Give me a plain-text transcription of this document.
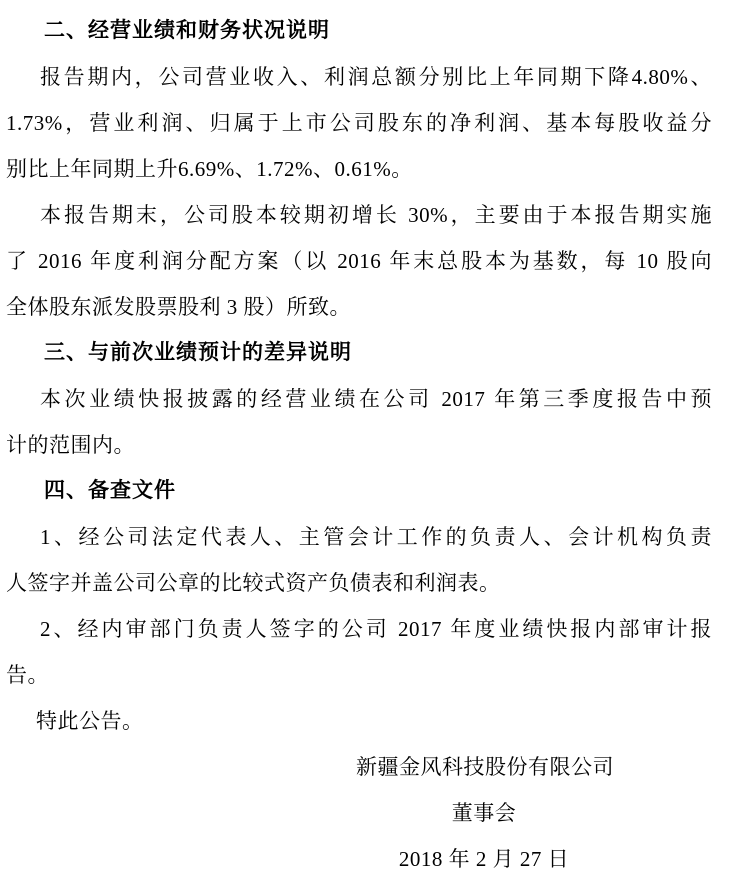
二、经营业绩和财务状况说明
报告期内，公司营业收入、利润总额分别比上年同期下降4.80%、
1.73%，营业利润、归属于上市公司股东的净利润、基本每股收益分
别比上年同期上升6.69%、1.72%、0.61%。
本报告期末，公司股本较期初增长 30%，主要由于本报告期实施
了 2016 年度利润分配方案（以 2016 年末总股本为基数，每 10 股向
全体股东派发股票股利 3 股）所致。
三、与前次业绩预计的差异说明
本次业绩快报披露的经营业绩在公司 2017 年第三季度报告中预
计的范围内。
四、备查文件
1、经公司法定代表人、主管会计工作的负责人、会计机构负责
人签字并盖公司公章的比较式资产负债表和利润表。
2、经内审部门负责人签字的公司 2017 年度业绩快报内部审计报
告。
特此公告。
新疆金风科技股份有限公司
董事会
2018 年 2 月 27 日
